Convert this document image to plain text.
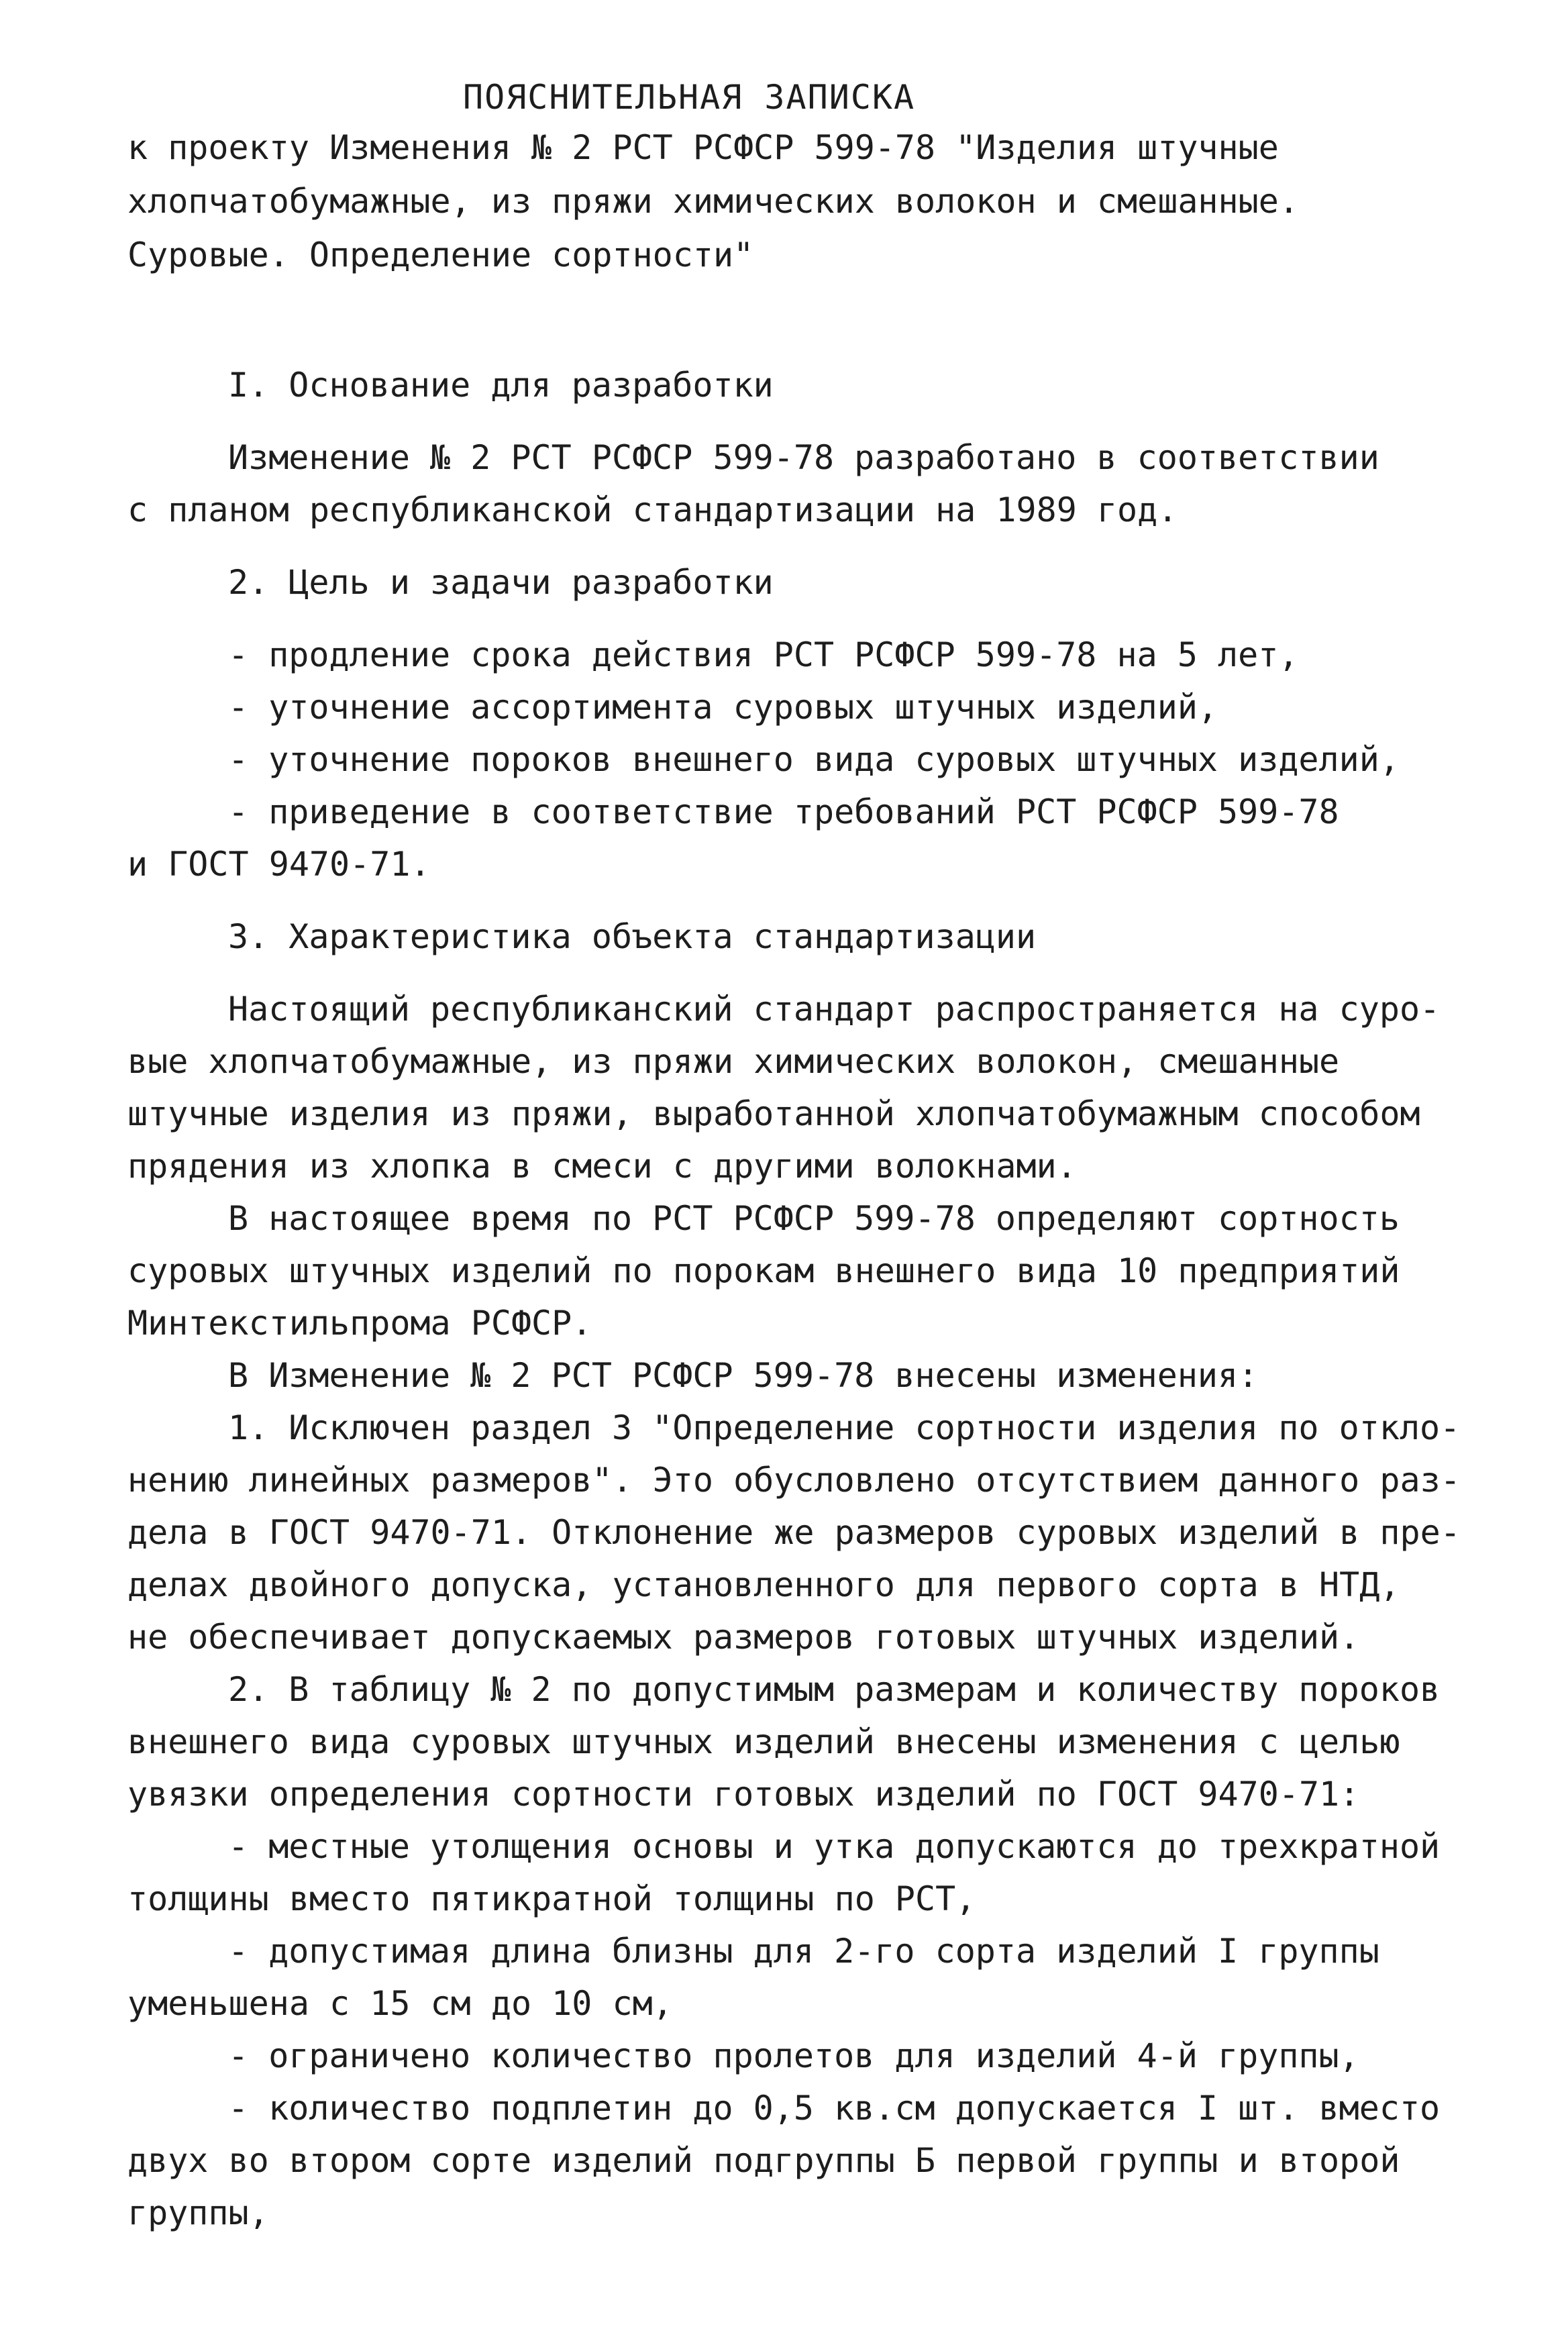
ПОЯСНИТЕЛЬНАЯ ЗАПИСКА

к проекту Изменения № 2 РСТ РСФСР 599-78 "Изделия штучные

хлопчатобумажные, из пряжи химических волокон и смешанные.

Суровые. Определение сортности"

I. Основание для разработки

Изменение № 2 РСТ РСФСР 599-78 разработано в соответствии

с планом республиканской стандартизации на 1989 год.

2. Цель и задачи разработки

- продление срока действия РСТ РСФСР 599-78 на 5 лет,

- уточнение ассортимента суровых штучных изделий,

- уточнение пороков внешнего вида суровых штучных изделий,

- приведение в соответствие требований РСТ РСФСР 599-78

и ГОСТ 9470-71.

3. Характеристика объекта стандартизации

Настоящий республиканский стандарт распространяется на суро-

вые хлопчатобумажные, из пряжи химических волокон, смешанные

штучные изделия из пряжи, выработанной хлопчатобумажным способом

прядения из хлопка в смеси с другими волокнами.

В настоящее время по РСТ РСФСР 599-78 определяют сортность

суровых штучных изделий по порокам внешнего вида 10 предприятий

Минтекстильпрома РСФСР.

В Изменение № 2 РСТ РСФСР 599-78 внесены изменения:

1. Исключен раздел 3 "Определение сортности изделия по откло-

нению линейных размеров". Это обусловлено отсутствием данного раз-

дела в ГОСТ 9470-71. Отклонение же размеров суровых изделий в пре-

делах двойного допуска, установленного для первого сорта в НТД,

не обеспечивает допускаемых размеров готовых штучных изделий.

2. В таблицу № 2 по допустимым размерам и количеству пороков

внешнего вида суровых штучных изделий внесены изменения с целью

увязки определения сортности готовых изделий по ГОСТ 9470-71:

- местные утолщения основы и утка допускаются до трехкратной

толщины вместо пятикратной толщины по РСТ,

- допустимая длина близны для 2-го сорта изделий I группы

уменьшена с 15 см до 10 см,

- ограничено количество пролетов для изделий 4-й группы,

- количество подплетин до 0,5 кв.см допускается I шт. вместо

двух во втором сорте изделий подгруппы Б первой группы и второй

группы,
